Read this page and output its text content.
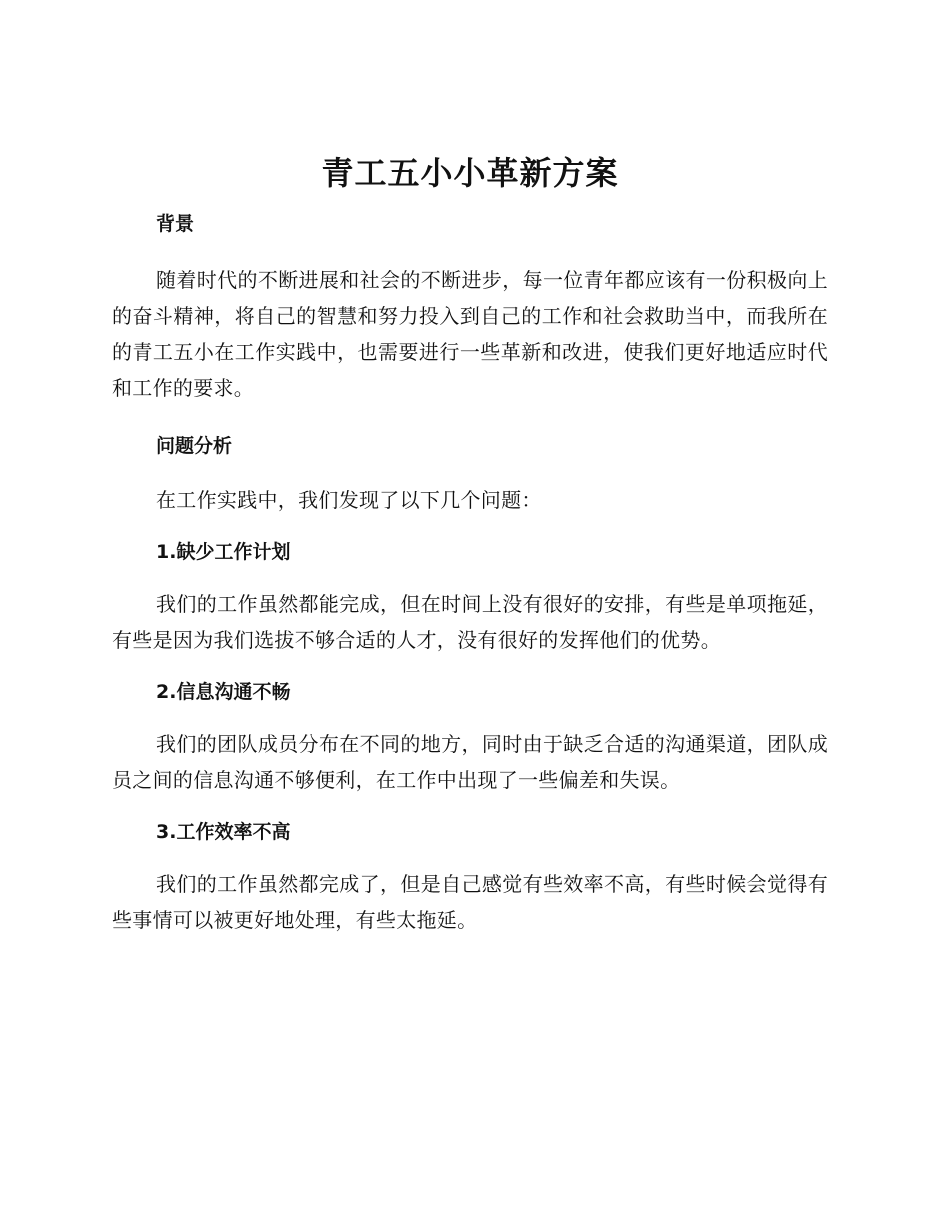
青工五小小革新方案
背景

随着时代的不断进展和社会的不断进步，每一位青年都应该有一份积极向上的奋斗精神，将自己的智慧和努力投入到自己的工作和社会救助当中，而我所在的青工五小在工作实践中，也需要进行一些革新和改进，使我们更好地适应时代和工作的要求。

问题分析

在工作实践中，我们发现了以下几个问题：

1.缺少工作计划

我们的工作虽然都能完成，但在时间上没有很好的安排，有些是单项拖延，有些是因为我们选拔不够合适的人才，没有很好的发挥他们的优势。

2.信息沟通不畅

我们的团队成员分布在不同的地方，同时由于缺乏合适的沟通渠道，团队成员之间的信息沟通不够便利，在工作中出现了一些偏差和失误。

3.工作效率不高

我们的工作虽然都完成了，但是自己感觉有些效率不高，有些时候会觉得有些事情可以被更好地处理，有些太拖延。
